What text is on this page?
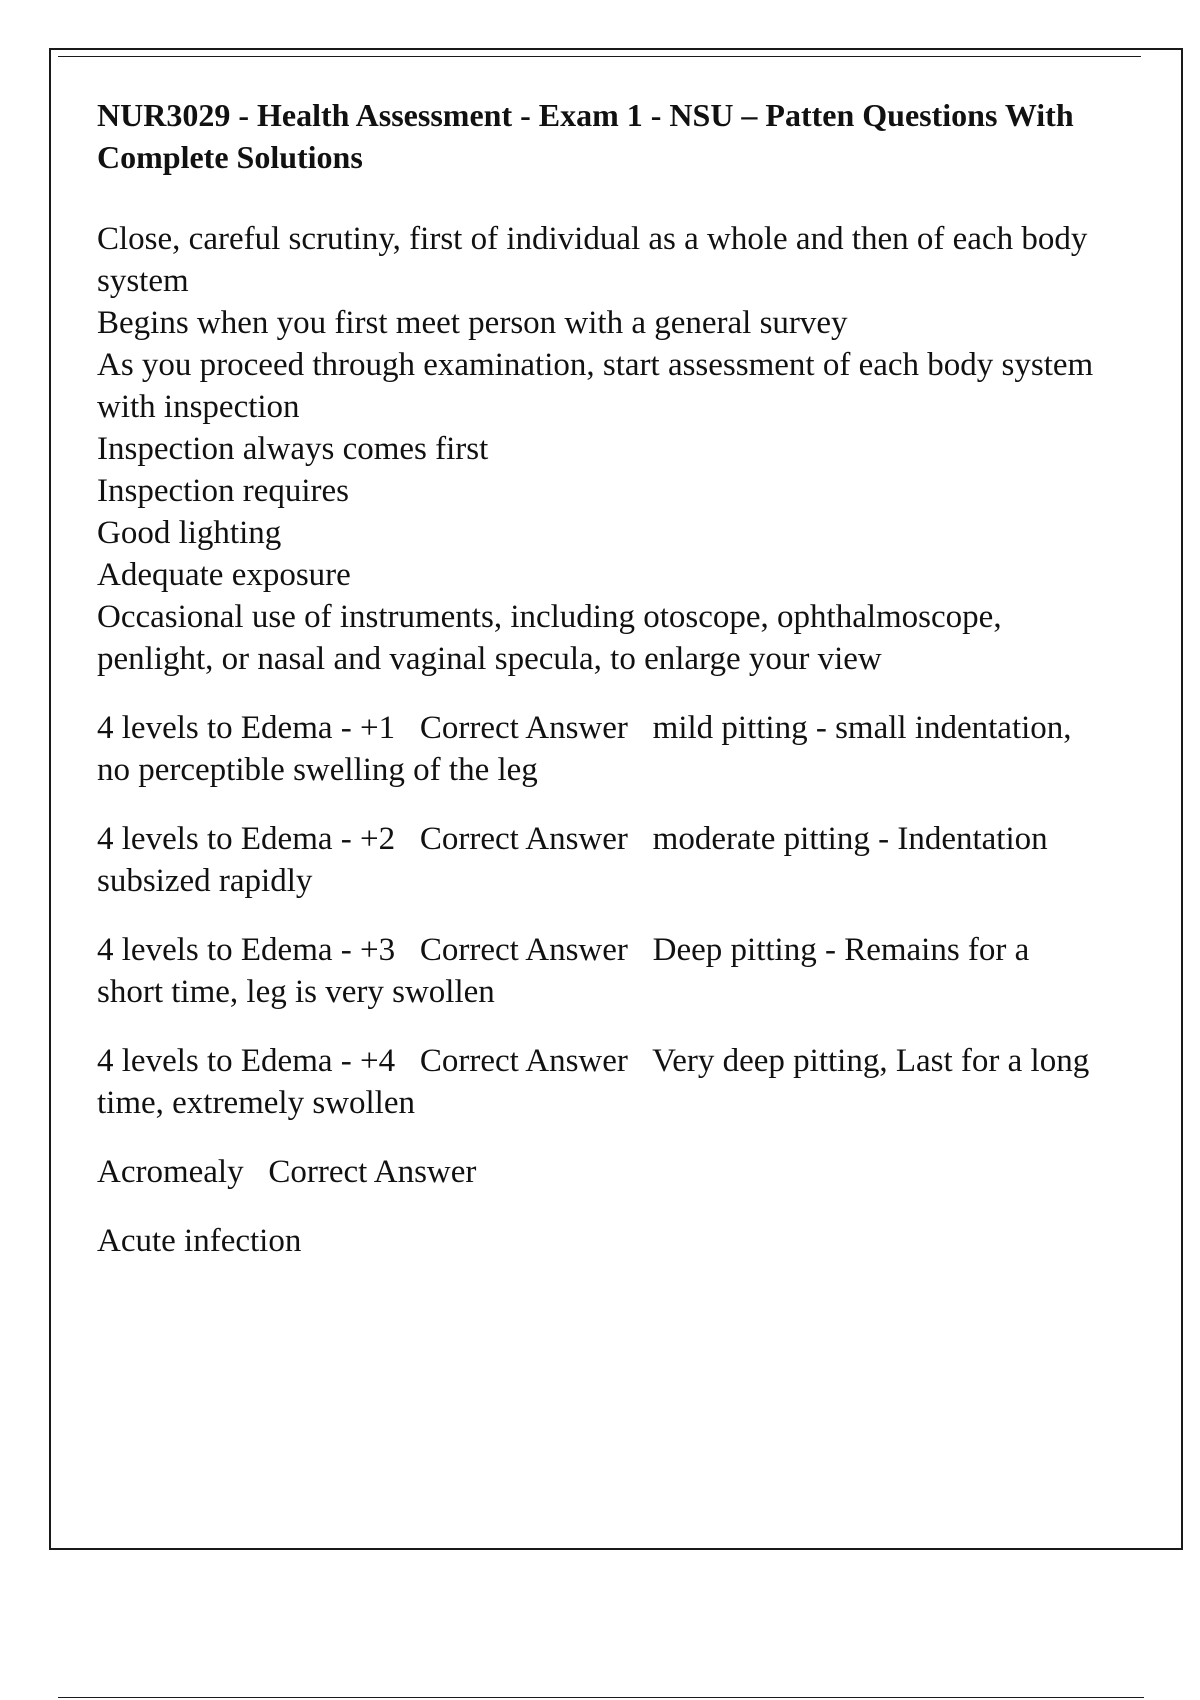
NUR3029 - Health Assessment - Exam 1 - NSU – Patten Questions With Complete Solutions
Close, careful scrutiny, first of individual as a whole and then of each body system
Begins when you first meet person with a general survey
As you proceed through examination, start assessment of each body system with inspection
Inspection always comes first
Inspection requires
Good lighting
Adequate exposure
Occasional use of instruments, including otoscope, ophthalmoscope, penlight, or nasal and vaginal specula, to enlarge your view
4 levels to Edema - +1 Correct Answer mild pitting - small indentation, no perceptible swelling of the leg
4 levels to Edema - +2 Correct Answer moderate pitting - Indentation subsized rapidly
4 levels to Edema - +3 Correct Answer Deep pitting - Remains for a short time, leg is very swollen
4 levels to Edema - +4 Correct Answer Very deep pitting, Last for a long time, extremely swollen
Acromealy Correct Answer
Acute infection
